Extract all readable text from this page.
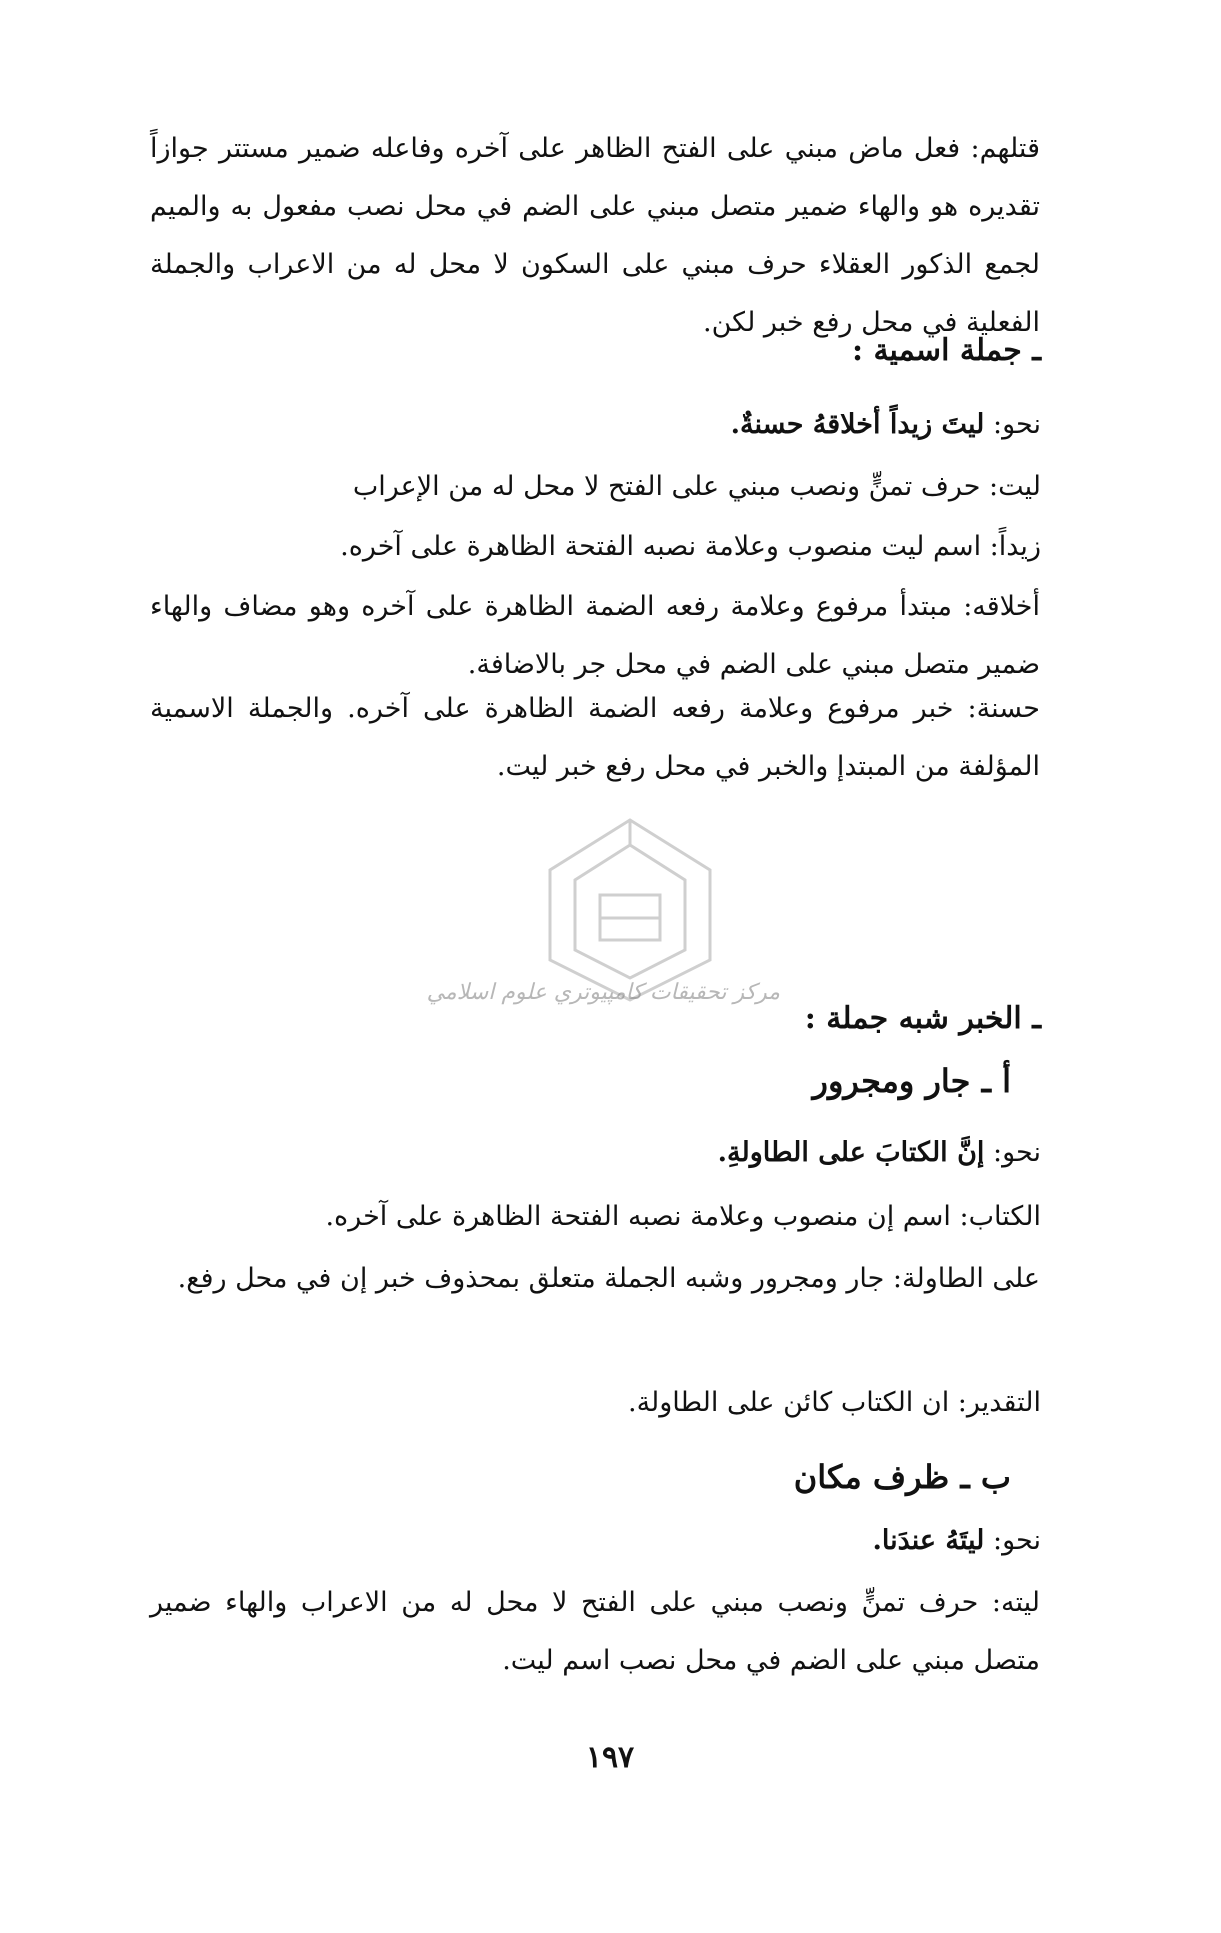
قتلهم: فعل ماض مبني على الفتح الظاهر على آخره وفاعله ضمير مستتر جوازاً تقديره هو والهاء ضمير متصل مبني على الضم في محل نصب مفعول به والميم لجمع الذكور العقلاء حرف مبني على السكون لا محل له من الاعراب والجملة الفعلية في محل رفع خبر لكن.
ـ جملة اسمية :
نحو: ليتَ زيداً أخلاقهُ حسنةٌ.
ليت: حرف تمنٍّ ونصب مبني على الفتح لا محل له من الإعراب
زيداً: اسم ليت منصوب وعلامة نصبه الفتحة الظاهرة على آخره.
أخلاقه: مبتدأ مرفوع وعلامة رفعه الضمة الظاهرة على آخره وهو مضاف والهاء ضمير متصل مبني على الضم في محل جر بالاضافة.
حسنة: خبر مرفوع وعلامة رفعه الضمة الظاهرة على آخره. والجملة الاسمية المؤلفة من المبتدإ والخبر في محل رفع خبر ليت.
مركز تحقيقات كامپيوتري علوم اسلامي
ـ الخبر شبه جملة :
أ ـ جار ومجرور
نحو: إنَّ الكتابَ على الطاولةِ.
الكتاب: اسم إن منصوب وعلامة نصبه الفتحة الظاهرة على آخره.
على الطاولة: جار ومجرور وشبه الجملة متعلق بمحذوف خبر إن في محل رفع.
التقدير: ان الكتاب كائن على الطاولة.
ب ـ ظرف مكان
نحو: ليتَهُ عندَنا.
ليته: حرف تمنٍّ ونصب مبني على الفتح لا محل له من الاعراب والهاء ضمير متصل مبني على الضم في محل نصب اسم ليت.
١٩٧
